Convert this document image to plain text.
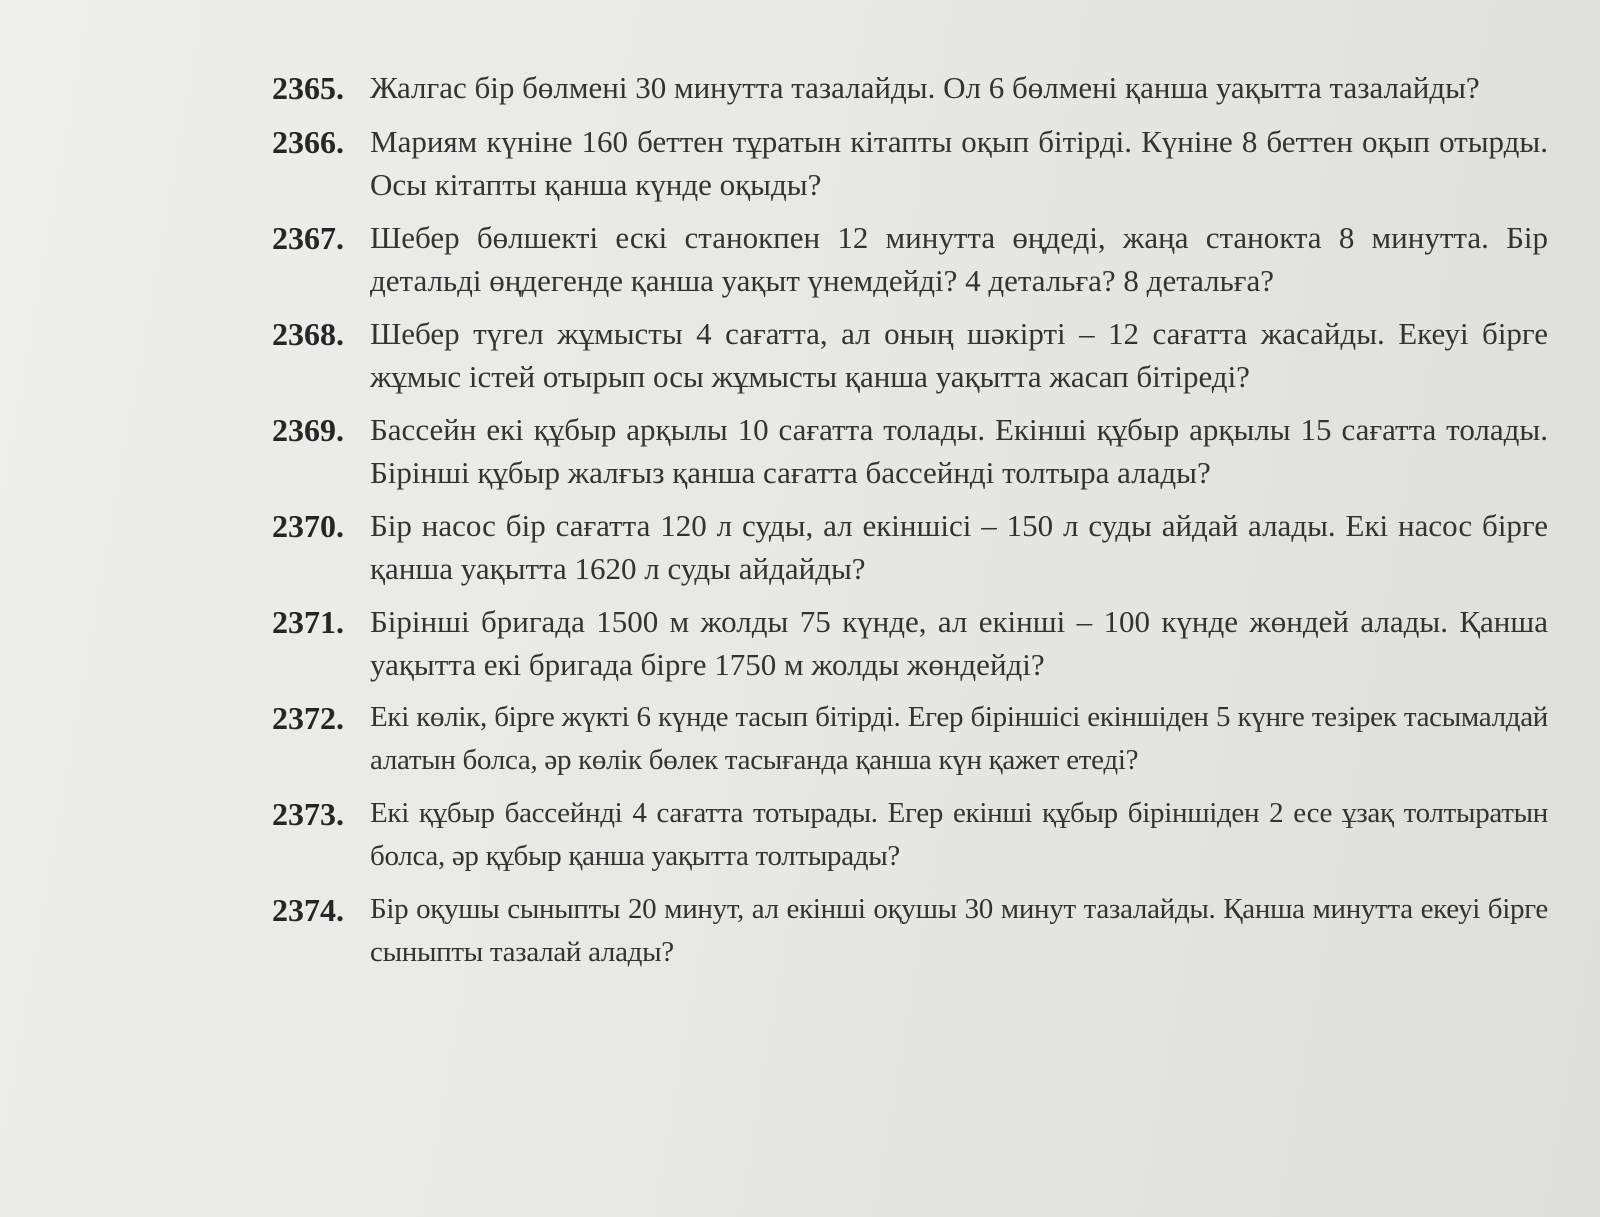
2365. Жалгас бір бөлмені 30 минутта тазалайды. Ол 6 бөлмені қанша уақытта тазалайды?
2366. Мариям күніне 160 беттен тұратын кітапты оқып бітірді. Күніне 8 беттен оқып отырды. Осы кітапты қанша күнде оқыды?
2367. Шебер бөлшекті ескі станокпен 12 минутта өңдеді, жаңа станокта 8 минутта. Бір детальді өңдегенде қанша уақыт үнемдейді? 4 детальға? 8 детальға?
2368. Шебер түгел жұмысты 4 сағатта, ал оның шәкірті – 12 сағатта жасайды. Екеуі бірге жұмыс істей отырып осы жұмысты қанша уақытта жасап бітіреді?
2369. Бассейн екі құбыр арқылы 10 сағатта толады. Екінші құбыр арқылы 15 сағатта толады. Бірінші құбыр жалғыз қанша сағатта бассейнді толтыра алады?
2370. Бір насос бір сағатта 120 л суды, ал екіншісі – 150 л суды айдай алады. Екі насос бірге қанша уақытта 1620 л суды айдайды?
2371. Бірінші бригада 1500 м жолды 75 күнде, ал екінші – 100 күнде жөндей алады. Қанша уақытта екі бригада бірге 1750 м жолды жөндейді?
2372. Екі көлік, бірге жүкті 6 күнде тасып бітірді. Егер біріншісі екіншіден 5 күнге тезірек тасымалдай алатын болса, әр көлік бөлек тасығанда қанша күн қажет етеді?
2373. Екі құбыр бассейнді 4 сағатта тотырады. Егер екінші құбыр біріншіден 2 есе ұзақ толтыратын болса, әр құбыр қанша уақытта толтырады?
2374. Бір оқушы сыныпты 20 минут, ал екінші оқушы 30 минут тазалайды. Қанша минутта екеуі бірге сыныпты тазалай алады?
